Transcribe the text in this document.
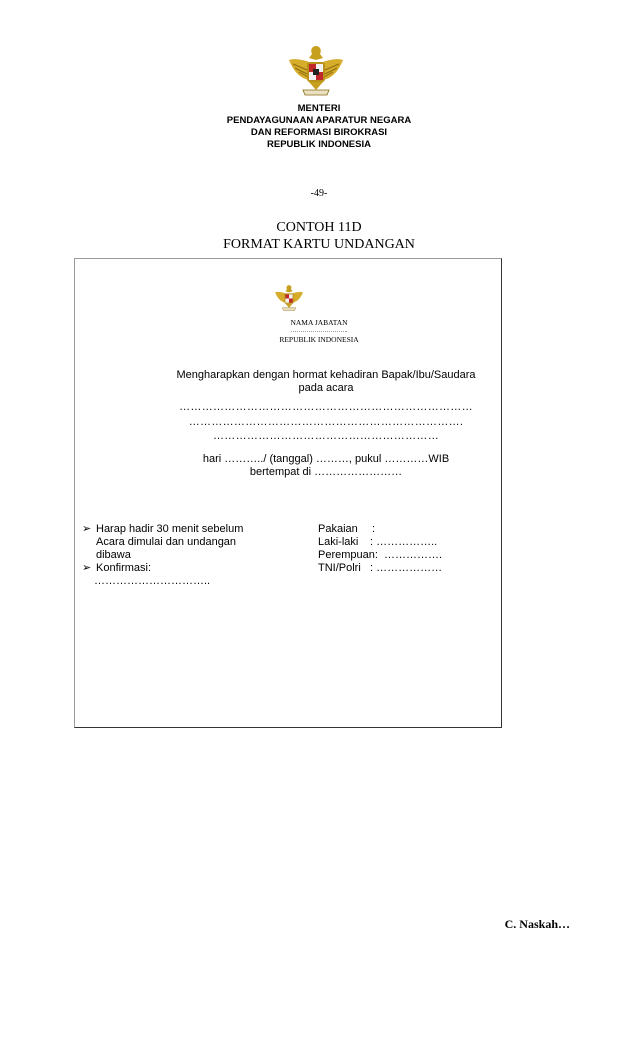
MENTERI
PENDAYAGUNAAN APARATUR NEGARA
DAN REFORMASI BIROKRASI
REPUBLIK INDONESIA
-49-
CONTOH 11D
FORMAT KARTU UNDANGAN
NAMA JABATAN
………………………..
REPUBLIK INDONESIA
Mengharapkan dengan hormat kehadiran Bapak/Ibu/Saudara
pada acara
……………………………………………………………………
……………………………………………………………….
……………………………………………………
hari ………../ (tanggal) ………, pukul …………WIB
bertempat di ……………………
➢ Harap hadir 30 menit sebelum
Acara dimulai dan undangan
dibawa
➢ Konfirmasi:
…………………………..
Pakaian :
Laki-laki : ……………..
Perempuan: …………….
TNI/Polri : ………………
C. Naskah…
